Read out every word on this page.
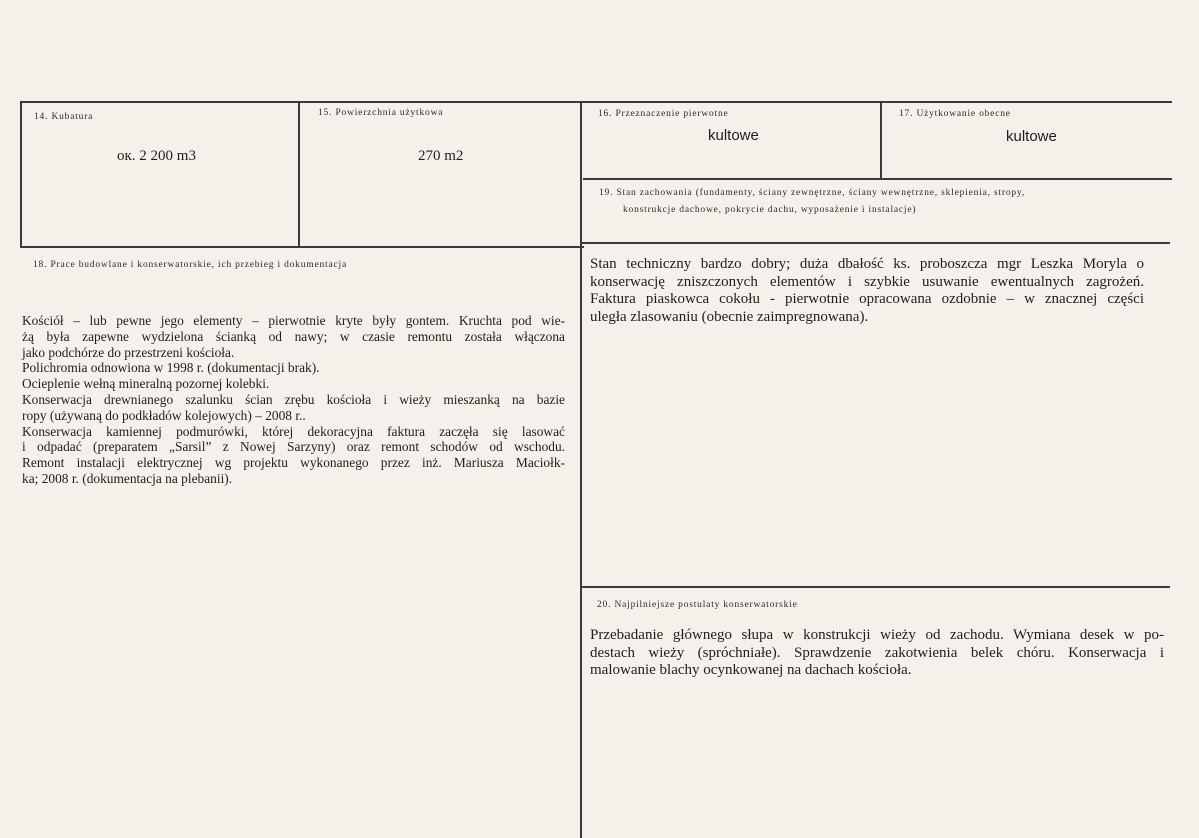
14. Kubatura
ок. 2 200 m3
15. Powierzchnia użytkowa
270 m2
16. Przeznaczenie pierwotne
kultowe
17. Użytkowanie obecne
kultowe
19. Stan zachowania (fundamenty, ściany zewnętrzne, ściany wewnętrzne, sklepienia, stropy,
konstrukcje dachowe, pokrycie dachu, wyposażenie i instalacje)
Stan techniczny bardzo dobry; duża dbałość ks. proboszcza mgr Leszka Moryla o
konserwację zniszczonych elementów i szybkie usuwanie ewentualnych zagrożeń.
Faktura piaskowca cokołu - pierwotnie opracowana ozdobnie – w znacznej części
uległa zlasowaniu (obecnie zaimpregnowana).
18. Prace budowlane i konserwatorskie, ich przebieg i dokumentacja
Kościół – lub pewne jego elementy – pierwotnie kryte były gontem. Kruchta pod wie-
żą była zapewne wydzielona ścianką od nawy; w czasie remontu została włączona
jako podchórze do przestrzeni kościoła.
Polichromia odnowiona w 1998 r. (dokumentacji brak).
Ocieplenie wełną mineralną pozornej kolebki.
Konserwacja drewnianego szalunku ścian zrębu kościoła i wieży mieszanką na bazie
ropy (używaną do podkładów kolejowych) – 2008 r..
Konserwacja kamiennej podmurówki, której dekoracyjna faktura zaczęła się lasować
i odpadać (preparatem „Sarsil” z Nowej Sarzyny) oraz remont schodów od wschodu.
Remont instalacji elektrycznej wg projektu wykonanego przez inż. Mariusza Maciołk-
ka; 2008 r. (dokumentacja na plebanii).
20. Najpilniejsze postulaty konserwatorskie
Przebadanie głównego słupa w konstrukcji wieży od zachodu. Wymiana desek w po-
destach wieży (spróchniałe). Sprawdzenie zakotwienia belek chóru. Konserwacja i
malowanie blachy ocynkowanej na dachach kościoła.
